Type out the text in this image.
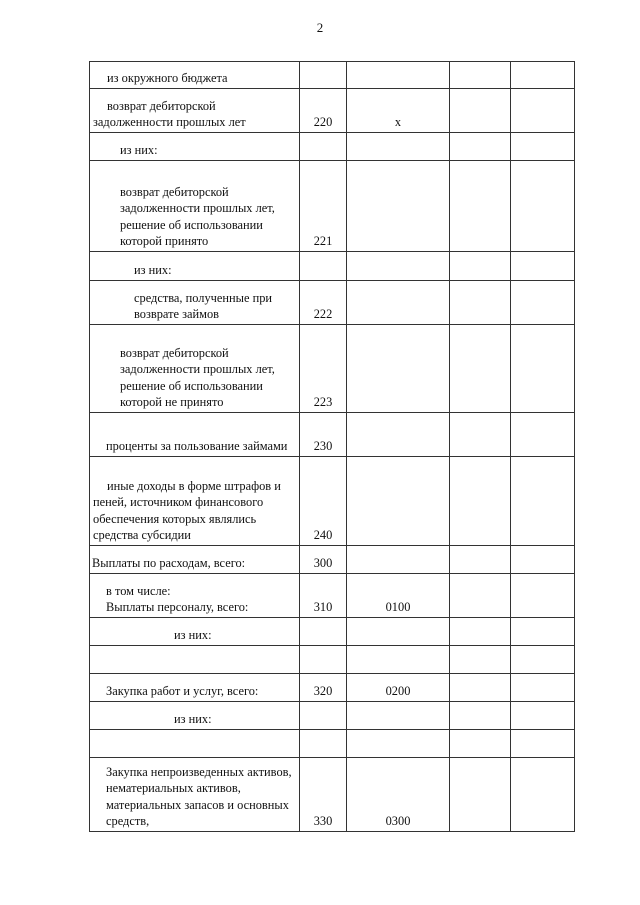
2
из окружного бюджета				
возврат дебиторской задолженности прошлых лет	220	х		
из них:				
возврат дебиторской задолженности прошлых лет, решение об использовании которой принято	221			
из них:				
средства, полученные при возврате займов	222			
возврат дебиторской задолженности прошлых лет, решение об использовании которой не принято	223			
проценты за пользование займами	230			
иные доходы в форме штрафов и пеней, источником финансового обеспечения которых являлись средства субсидии	240			
Выплаты по расходам, всего:	300			

в том числе:
Выплаты персоналу, всего:	310	0100		
из них:				

Закупка работ и услуг, всего:	320	0200		
из них:				

Закупка непроизведенных активов, нематериальных активов, материальных запасов и основных средств,	330	0300		
